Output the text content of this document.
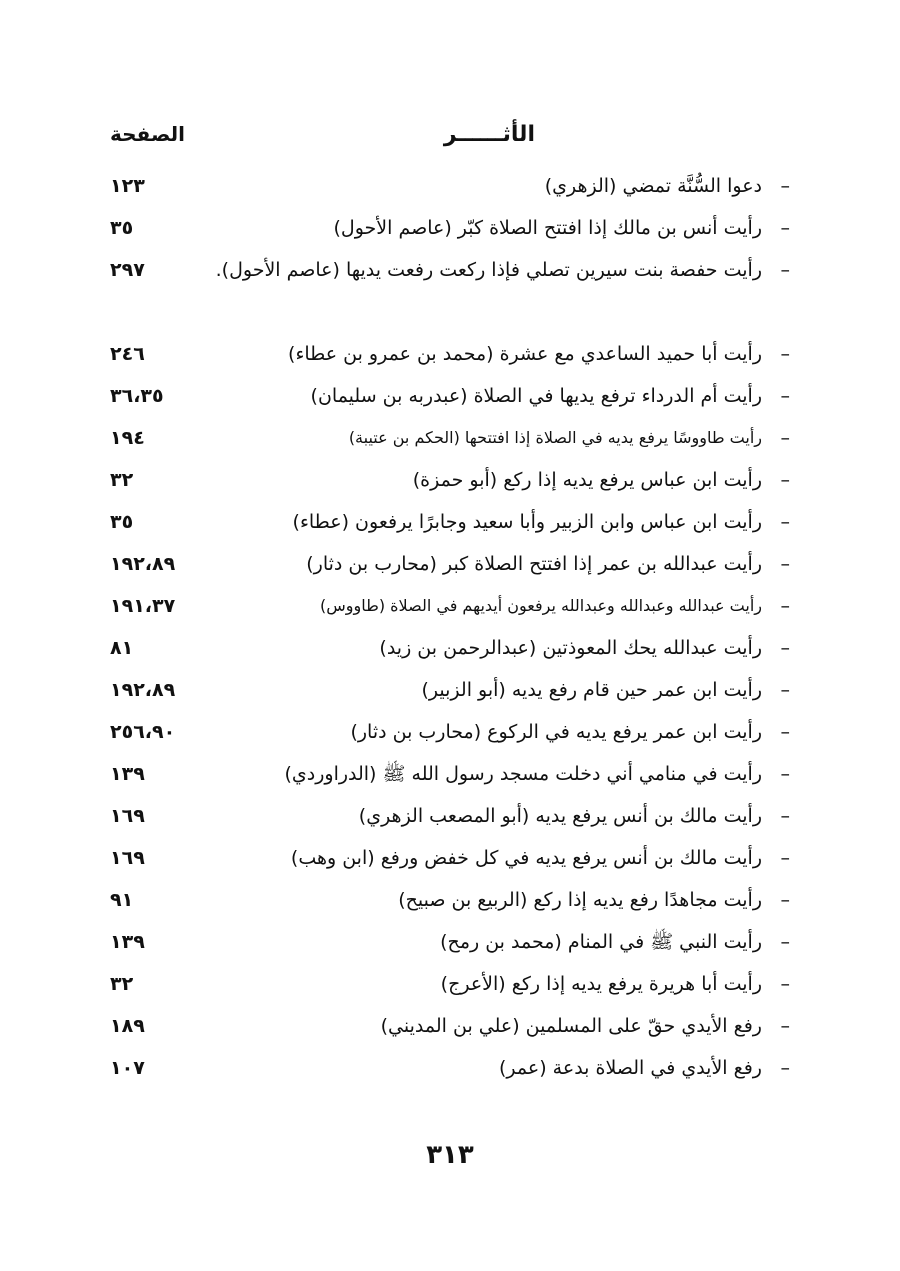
الأثــــــر
الصفحة
–
دعوا السُّنَّة تمضي (الزهري)
١٢٣
–
رأيت أنس بن مالك إذا افتتح الصلاة كبّر (عاصم الأحول)
٣٥
–
رأيت حفصة بنت سيرين تصلي فإذا ركعت رفعت يديها (عاصم الأحول).
٢٩٧
–
رأيت أبا حميد الساعدي مع عشرة (محمد بن عمرو بن عطاء)
٢٤٦
–
رأيت أم الدرداء ترفع يديها في الصلاة (عبدربه بن سليمان)
٣٦،٣٥
–
رأيت طاووسًا يرفع يديه في الصلاة إذا افتتحها (الحكم بن عتيبة)
١٩٤
–
رأيت ابن عباس يرفع يديه إذا ركع (أبو حمزة)
٣٢
–
رأيت ابن عباس وابن الزبير وأبا سعيد وجابرًا يرفعون (عطاء)
٣٥
–
رأيت عبدالله بن عمر إذا افتتح الصلاة كبر (محارب بن دثار)
١٩٢،٨٩
–
رأيت عبدالله وعبدالله وعبدالله يرفعون أيديهم في الصلاة (طاووس)
١٩١،٣٧
–
رأيت عبدالله يحك المعوذتين (عبدالرحمن بن زيد)
٨١
–
رأيت ابن عمر حين قام رفع يديه (أبو الزبير)
١٩٢،٨٩
–
رأيت ابن عمر يرفع يديه في الركوع (محارب بن دثار)
٢٥٦،٩٠
–
رأيت في منامي أني دخلت مسجد رسول الله ﷺ (الدراوردي)
١٣٩
–
رأيت مالك بن أنس يرفع يديه (أبو المصعب الزهري)
١٦٩
–
رأيت مالك بن أنس يرفع يديه في كل خفض ورفع (ابن وهب)
١٦٩
–
رأيت مجاهدًا رفع يديه إذا ركع (الربيع بن صبيح)
٩١
–
رأيت النبي ﷺ في المنام (محمد بن رمح)
١٣٩
–
رأيت أبا هريرة يرفع يديه إذا ركع (الأعرج)
٣٢
–
رفع الأيدي حقّ على المسلمين (علي بن المديني)
١٨٩
–
رفع الأيدي في الصلاة بدعة (عمر)
١٠٧
٣١٣
